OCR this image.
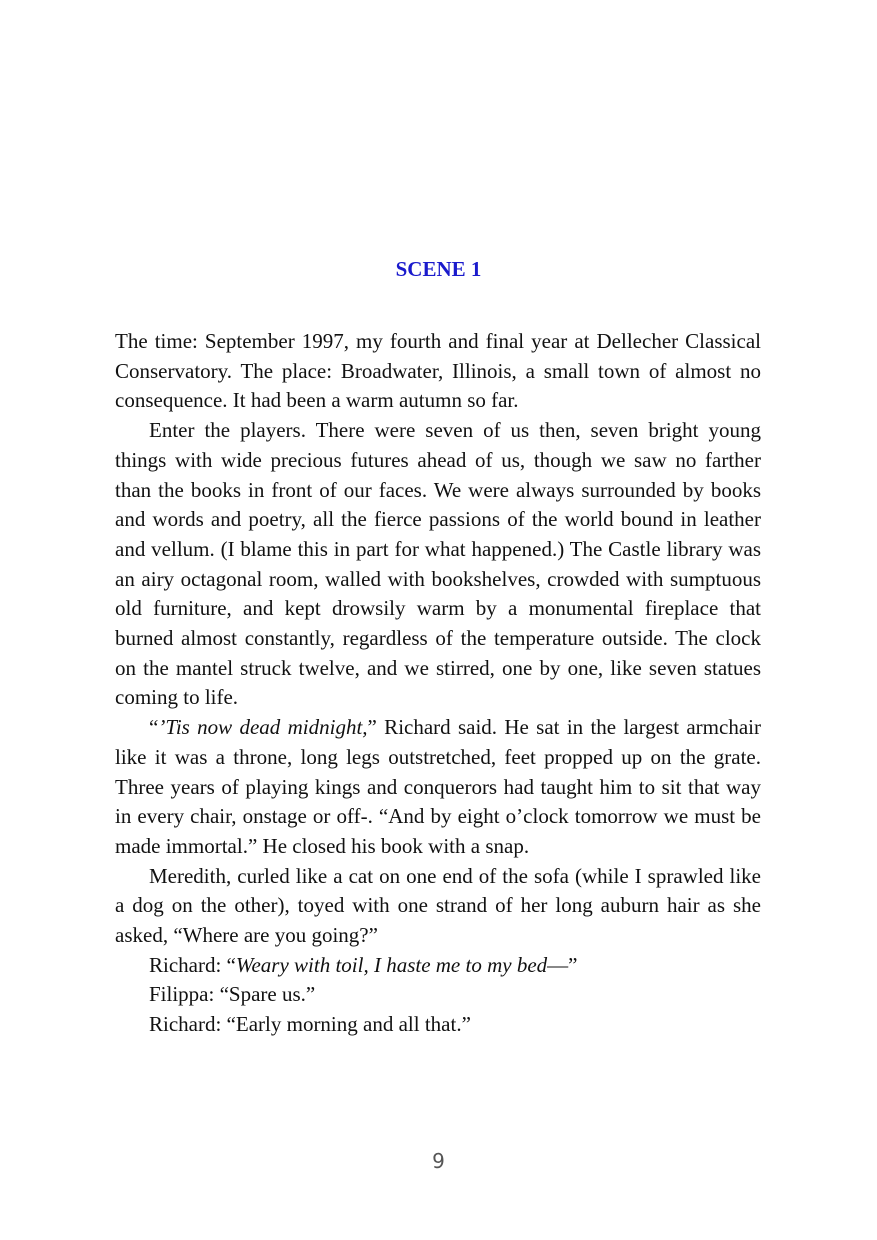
SCENE 1

The time: September 1997, my fourth and final year at Dellecher Classical Conservatory. The place: Broadwater, Illinois, a small town of almost no consequence. It had been a warm autumn so far.

Enter the players. There were seven of us then, seven bright young things with wide precious futures ahead of us, though we saw no farther than the books in front of our faces. We were always surrounded by books and words and poetry, all the fierce passions of the world bound in leather and vellum. (I blame this in part for what happened.) The Castle library was an airy octagonal room, walled with bookshelves, crowded with sumptuous old furniture, and kept drowsily warm by a monumental fireplace that burned almost constantly, regardless of the temperature outside. The clock on the mantel struck twelve, and we stirred, one by one, like seven statues coming to life.

“’Tis now dead midnight,” Richard said. He sat in the largest armchair like it was a throne, long legs outstretched, feet propped up on the grate. Three years of playing kings and conquerors had taught him to sit that way in every chair, onstage or off-. “And by eight o’clock tomorrow we must be made immortal.” He closed his book with a snap.

Meredith, curled like a cat on one end of the sofa (while I sprawled like a dog on the other), toyed with one strand of her long auburn hair as she asked, “Where are you going?”

Richard: “Weary with toil, I haste me to my bed—”

Filippa: “Spare us.”

Richard: “Early morning and all that.”

9
